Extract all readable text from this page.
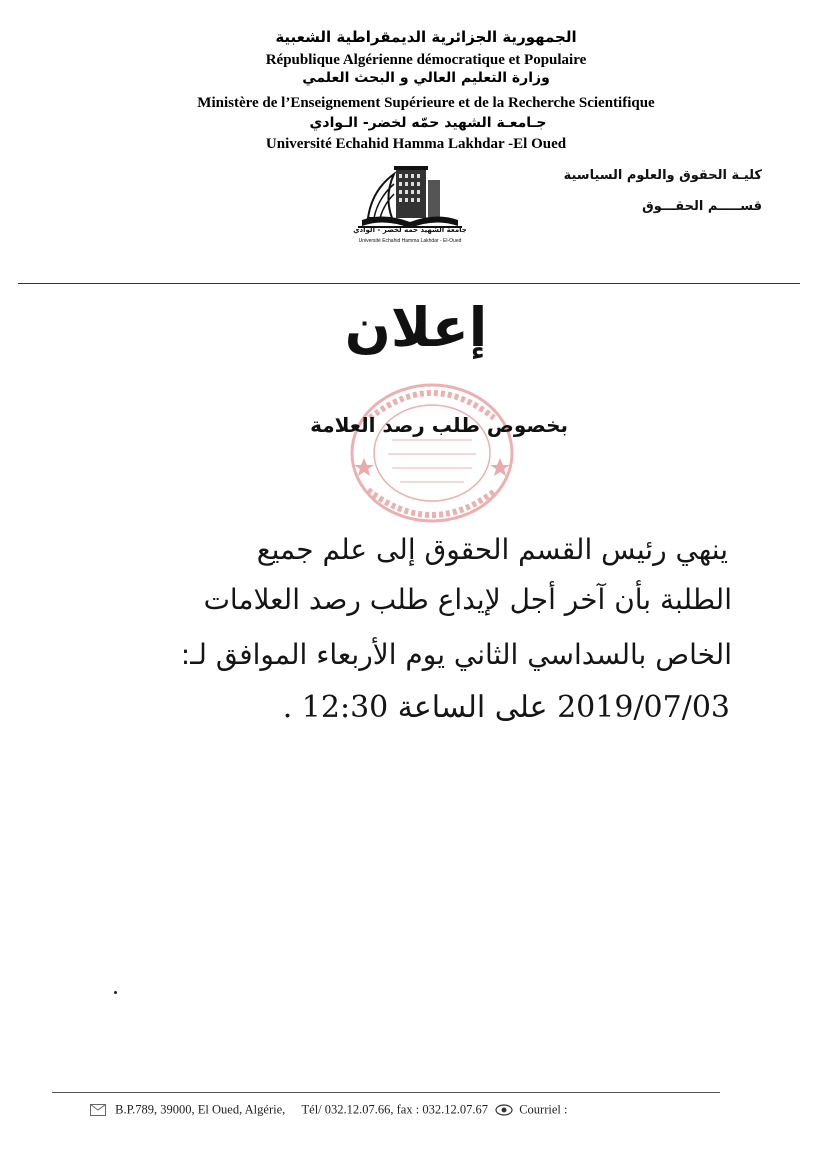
الجمهورية الجزائرية الديمقراطية الشعبية
République Algérienne démocratique et Populaire
وزارة التعليم العالي و البحث العلمي
Ministère de l’Enseignement Supérieure et de la Recherche Scientifique
جـامعـة الشهيد حمّه لخضر- الـوادي
Université Echahid Hamma Lakhdar -El Oued
كليـة الحقوق والعلوم السياسية
قســـــم الحقـــوق
جامعة الشهيد حمه لخضر - الوادي
Université Echahid Hamma Lakhdar - El-Oued
إعلان
بخصوص طلب رصد العلامة
ينهي رئيس القسم الحقوق إلى علم جميع
الطلبة بأن آخر أجل لإيداع طلب رصد العلامات
الخاص بالسداسي الثاني يوم الأربعاء الموافق لـ:
2019/07/03 على الساعة 12:30 .
B.P.789, 39000, El Oued, Algérie, Tél/ 032.12.07.66, fax : 032.12.07.67	Courriel :
